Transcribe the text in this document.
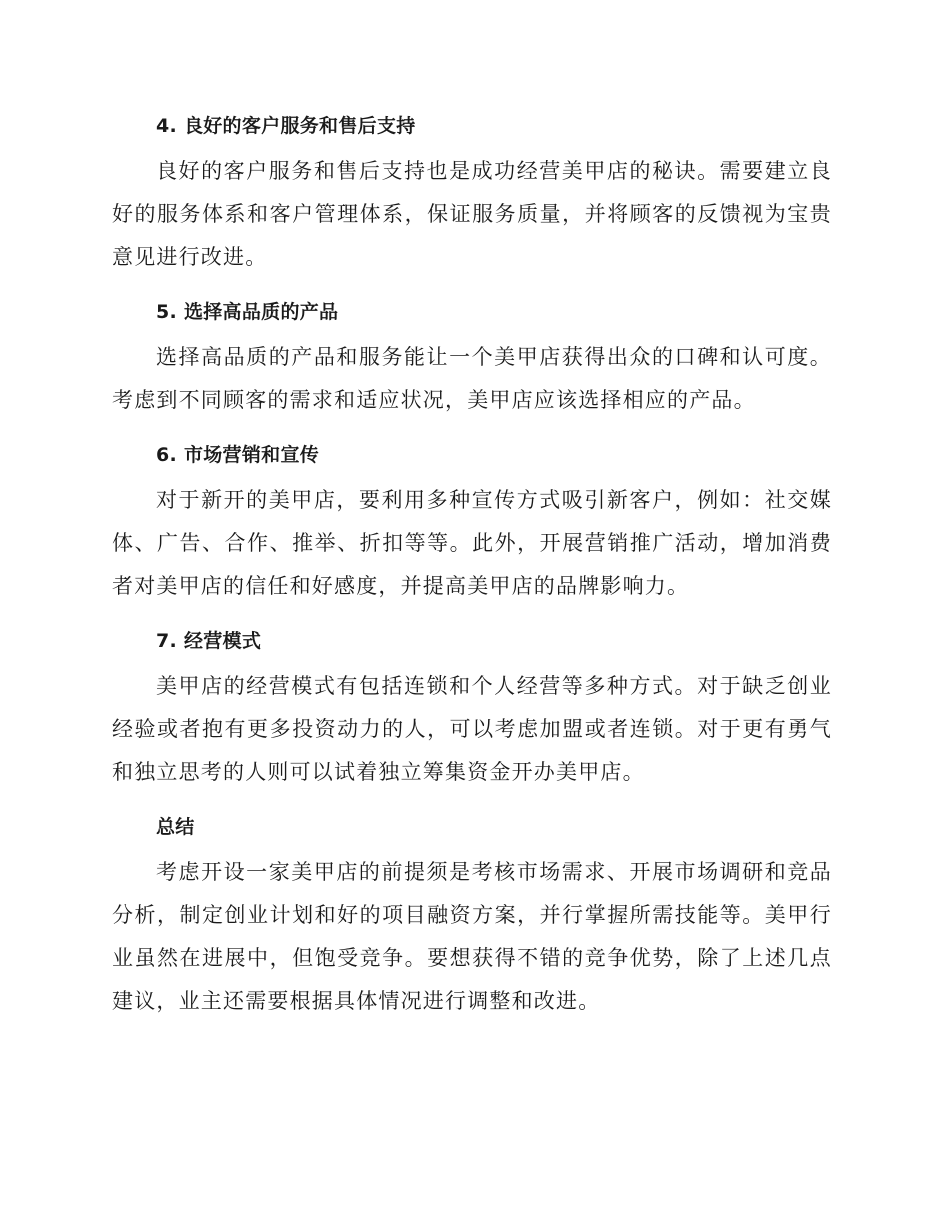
4. 良好的客户服务和售后支持

良好的客户服务和售后支持也是成功经营美甲店的秘诀。需要建立良好的服务体系和客户管理体系，保证服务质量，并将顾客的反馈视为宝贵意见进行改进。

5. 选择高品质的产品

选择高品质的产品和服务能让一个美甲店获得出众的口碑和认可度。考虑到不同顾客的需求和适应状况，美甲店应该选择相应的产品。

6. 市场营销和宣传

对于新开的美甲店，要利用多种宣传方式吸引新客户，例如：社交媒体、广告、合作、推举、折扣等等。此外，开展营销推广活动，增加消费者对美甲店的信任和好感度，并提高美甲店的品牌影响力。

7. 经营模式

美甲店的经营模式有包括连锁和个人经营等多种方式。对于缺乏创业经验或者抱有更多投资动力的人，可以考虑加盟或者连锁。对于更有勇气和独立思考的人则可以试着独立筹集资金开办美甲店。

总结

考虑开设一家美甲店的前提须是考核市场需求、开展市场调研和竞品分析，制定创业计划和好的项目融资方案，并行掌握所需技能等。美甲行业虽然在进展中，但饱受竞争。要想获得不错的竞争优势，除了上述几点建议，业主还需要根据具体情况进行调整和改进。
